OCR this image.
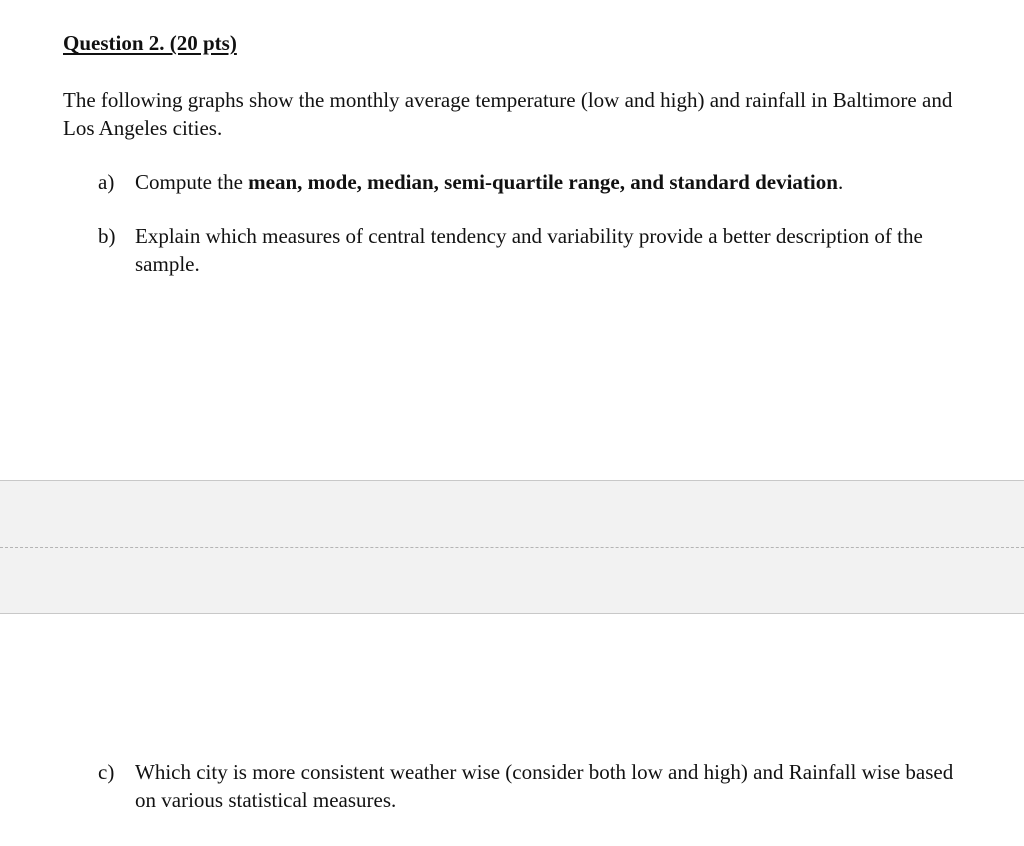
Question 2. (20 pts)
The following graphs show the monthly average temperature (low and high) and rainfall in Baltimore and Los Angeles cities.
a) Compute the mean, mode, median, semi-quartile range, and standard deviation.
b) Explain which measures of central tendency and variability provide a better description of the sample.
c) Which city is more consistent weather wise (consider both low and high) and Rainfall wise based on various statistical measures.
